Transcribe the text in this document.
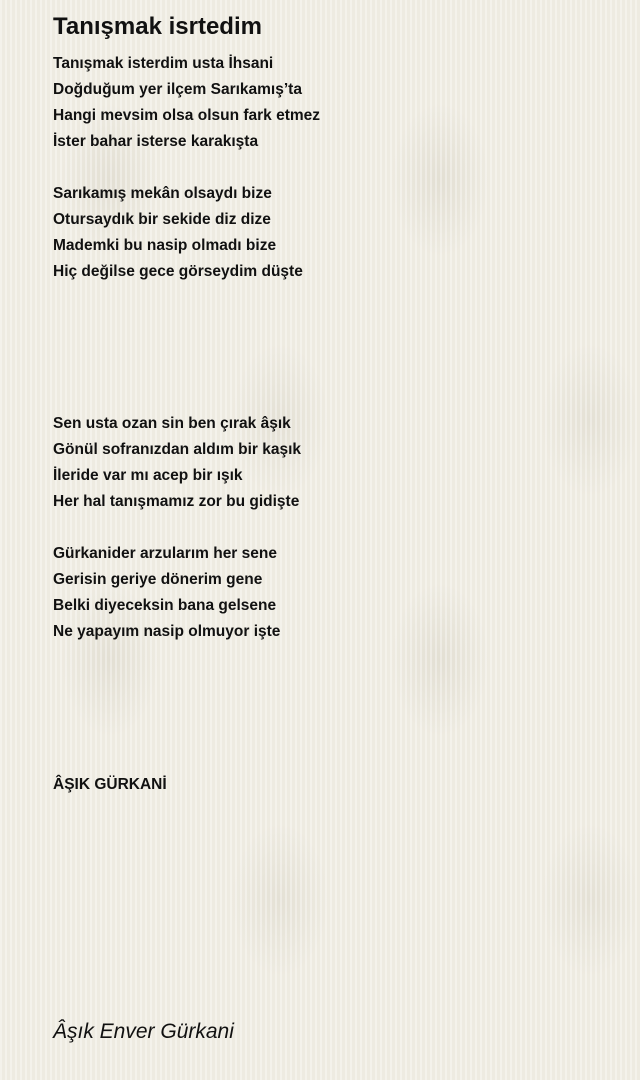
Tanışmak isrtedim
Tanışmak isterdim usta İhsani
Doğduğum yer ilçem Sarıkamış’ta
Hangi mevsim olsa olsun fark etmez
İster bahar isterse karakışta
Sarıkamış mekân olsaydı bize
Otursaydık bir sekide diz dize
Mademki bu nasip olmadı bize
Hiç değilse gece görseydim düşte
Sen usta ozan sin ben çırak âşık
Gönül sofranızdan aldım bir kaşık
İleride var mı acep bir ışık
Her hal tanışmamız zor bu gidişte
Gürkanider arzularım her sene
Gerisin geriye dönerim gene
Belki diyeceksin bana gelsene
Ne yapayım nasip olmuyor işte
ÂŞIK GÜRKANİ
Âşık Enver Gürkani
